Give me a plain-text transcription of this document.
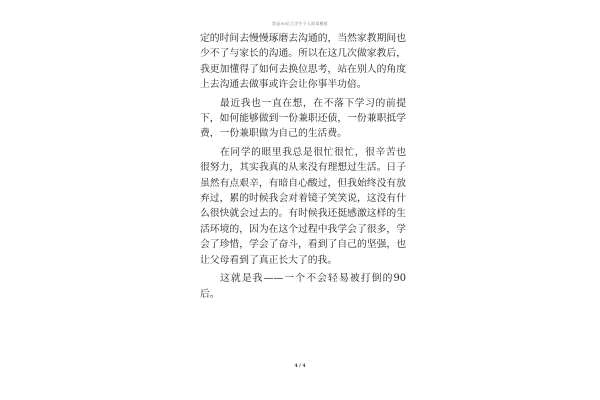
我是90后大学生个人简章模板

定的时间去慢慢琢磨去沟通的，当然家教期间也少不了与家长的沟通。所以在这几次做家教后，我更加懂得了如何去换位思考，站在别人的角度上去沟通去做事或许会让你事半功倍。

最近我也一直在想，在不落下学习的前提下，如何能够做到一份兼职还债，一份兼职抵学费，一份兼职做为自己的生活费。

在同学的眼里我总是很忙很忙，很辛苦也很努力，其实我真的从来没有理想过生活。日子虽然有点艰辛，有暗自心酸过，但我始终没有放弃过，累的时候我会对着镜子笑笑说，这没有什么很快就会过去的。有时候我还挺感激这样的生活环境的，因为在这个过程中我学会了很多，学会了珍惜，学会了奋斗，看到了自己的坚强，也让父母看到了真正长大了的我。

这就是我——一个不会轻易被打倒的90后。

4 / 4
